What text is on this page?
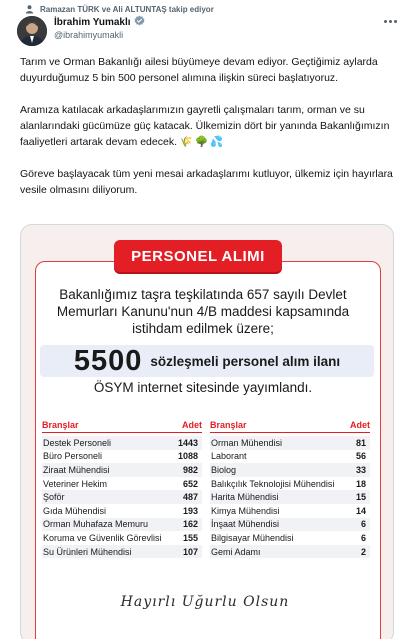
Ramazan TÜRK ve Ali ALTUNTAŞ takip ediyor
İbrahim Yumaklı
@ibrahimyumakli

Tarım ve Orman Bakanlığı ailesi büyümeye devam ediyor. Geçtiğimiz aylarda duyurduğumuz 5 bin 500 personel alımına ilişkin süreci başlatıyoruz.

Aramıza katılacak arkadaşlarımızın gayretli çalışmaları tarım, orman ve su alanlarındaki gücümüze güç katacak. Ülkemizin dört bir yanında Bakanlığımızın faaliyetleri artarak devam edecek. 🌾 🌳 💦

Göreve başlayacak tüm yeni mesai arkadaşlarımı kutluyor, ülkemiz için hayırlara vesile olmasını diliyorum.

PERSONEL ALIMI
Bakanlığımız taşra teşkilatında 657 sayılı Devlet
Memurları Kanunu'nun 4/B maddesi kapsamında
istihdam edilmek üzere;
5500 sözleşmeli personel alım ilanı
ÖSYM internet sitesinde yayımlandı.
Branşlar	Adet
Destek Personeli	1443
Büro Personeli	1088
Ziraat Mühendisi	982
Veteriner Hekim	652
Şoför	487
Gıda Mühendisi	193
Orman Muhafaza Memuru	162
Koruma ve Güvenlik Görevlisi 155
Su Ürünleri Mühendisi	107
Branşlar	Adet
Orman Mühendisi	81
Laborant	56
Biolog	33
Balıkçılık Teknolojisi Mühendisi 18
Harita Mühendisi	15
Kimya Mühendisi	14
İnşaat Mühendisi	6
Bilgisayar Mühendisi	6
Gemi Adamı	2
Hayırlı Uğurlu Olsun
